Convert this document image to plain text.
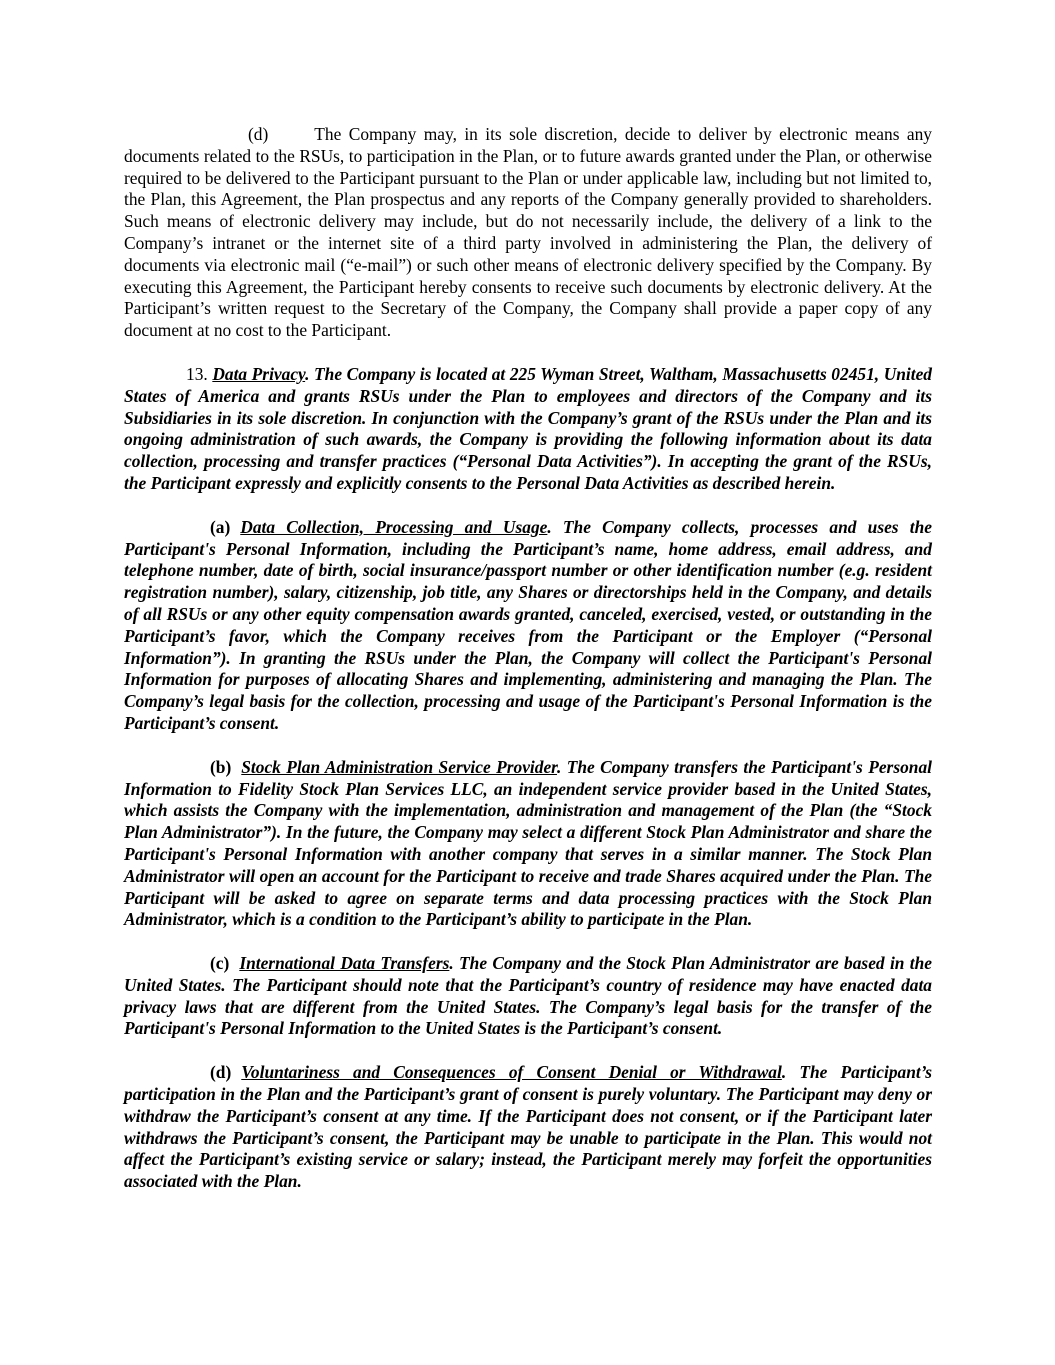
(d)	The Company may, in its sole discretion, decide to deliver by electronic means any documents related to the RSUs, to participation in the Plan, or to future awards granted under the Plan, or otherwise required to be delivered to the Participant pursuant to the Plan or under applicable law, including but not limited to, the Plan, this Agreement, the Plan prospectus and any reports of the Company generally provided to shareholders. Such means of electronic delivery may include, but do not necessarily include, the delivery of a link to the Company’s intranet or the internet site of a third party involved in administering the Plan, the delivery of documents via electronic mail (“e-mail”) or such other means of electronic delivery specified by the Company. By executing this Agreement, the Participant hereby consents to receive such documents by electronic delivery. At the Participant’s written request to the Secretary of the Company, the Company shall provide a paper copy of any document at no cost to the Participant.

13. Data Privacy. The Company is located at 225 Wyman Street, Waltham, Massachusetts 02451, United States of America and grants RSUs under the Plan to employees and directors of the Company and its Subsidiaries in its sole discretion. In conjunction with the Company’s grant of the RSUs under the Plan and its ongoing administration of such awards, the Company is providing the following information about its data collection, processing and transfer practices (“Personal Data Activities”). In accepting the grant of the RSUs, the Participant expressly and explicitly consents to the Personal Data Activities as described herein.

(a) Data Collection, Processing and Usage. The Company collects, processes and uses the Participant's Personal Information, including the Participant’s name, home address, email address, and telephone number, date of birth, social insurance/passport number or other identification number (e.g. resident registration number), salary, citizenship, job title, any Shares or directorships held in the Company, and details of all RSUs or any other equity compensation awards granted, canceled, exercised, vested, or outstanding in the Participant’s favor, which the Company receives from the Participant or the Employer (“Personal Information”). In granting the RSUs under the Plan, the Company will collect the Participant's Personal Information for purposes of allocating Shares and implementing, administering and managing the Plan. The Company’s legal basis for the collection, processing and usage of the Participant's Personal Information is the Participant’s consent.

(b) Stock Plan Administration Service Provider. The Company transfers the Participant's Personal Information to Fidelity Stock Plan Services LLC, an independent service provider based in the United States, which assists the Company with the implementation, administration and management of the Plan (the “Stock Plan Administrator”). In the future, the Company may select a different Stock Plan Administrator and share the Participant's Personal Information with another company that serves in a similar manner. The Stock Plan Administrator will open an account for the Participant to receive and trade Shares acquired under the Plan. The Participant will be asked to agree on separate terms and data processing practices with the Stock Plan Administrator, which is a condition to the Participant’s ability to participate in the Plan.

(c) International Data Transfers. The Company and the Stock Plan Administrator are based in the United States. The Participant should note that the Participant’s country of residence may have enacted data privacy laws that are different from the United States. The Company’s legal basis for the transfer of the Participant's Personal Information to the United States is the Participant’s consent.

(d) Voluntariness and Consequences of Consent Denial or Withdrawal. The Participant’s participation in the Plan and the Participant’s grant of consent is purely voluntary. The Participant may deny or withdraw the Participant’s consent at any time. If the Participant does not consent, or if the Participant later withdraws the Participant’s consent, the Participant may be unable to participate in the Plan. This would not affect the Participant’s existing service or salary; instead, the Participant merely may forfeit the opportunities associated with the Plan.
